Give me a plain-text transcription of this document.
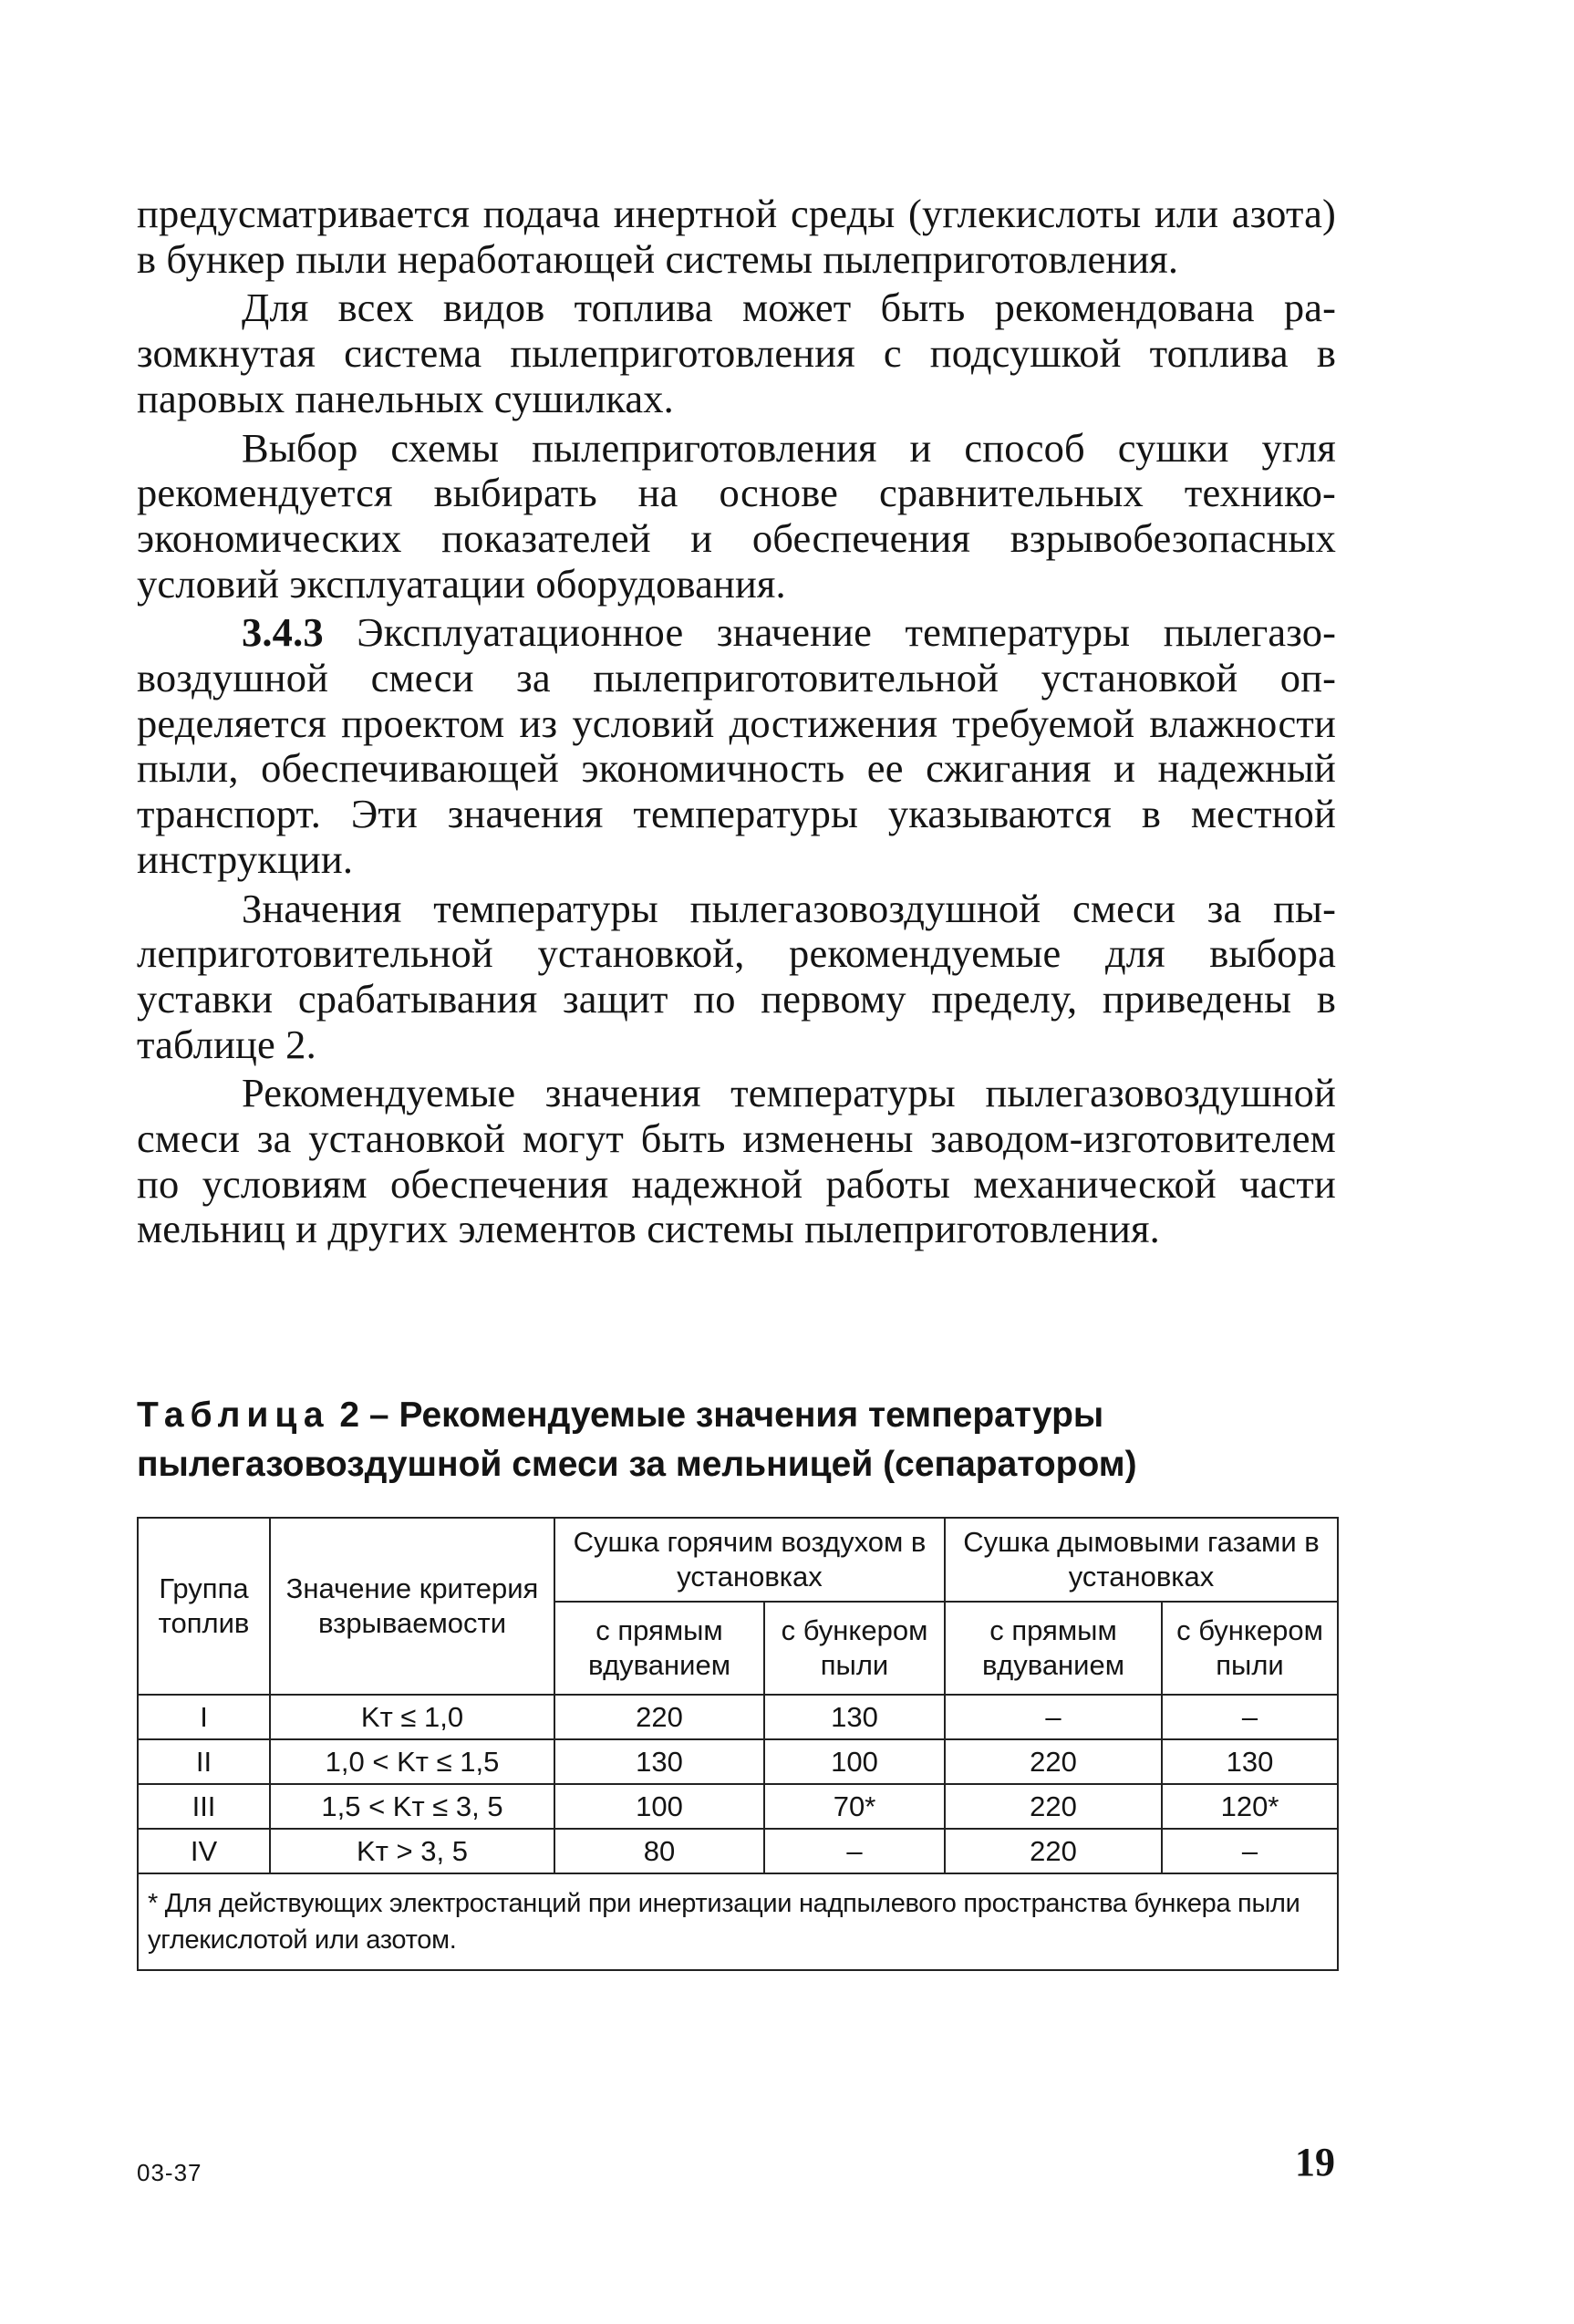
предусматривается подача инертной среды (углекислоты или азота) в бункер пыли неработающей системы пылеприготовления.

Для всех видов топлива может быть рекомендована разомкнутая система пылеприготовления с подсушкой топлива в паровых панельных сушилках.

Выбор схемы пылеприготовления и способ сушки угля рекомендуется выбирать на основе сравнительных технико-экономических показателей и обеспечения взрывобезопасных условий эксплуатации оборудования.

3.4.3 Эксплуатационное значение температуры пылегазовоздушной смеси за пылеприготовительной установкой определяется проектом из условий достижения требуемой влажности пыли, обеспечивающей экономичность ее сжигания и надежный транспорт. Эти значения температуры указываются в местной инструкции.

Значения температуры пылегазовоздушной смеси за пылеприготовительной установкой, рекомендуемые для выбора уставки срабатывания защит по первому пределу, приведены в таблице 2.

Рекомендуемые значения температуры пылегазовоздушной смеси за установкой могут быть изменены заводом-изготовителем по условиям обеспечения надежной работы механической части мельниц и других элементов системы пылеприготовления.

Таблица 2 – Рекомендуемые значения температуры пылегазовоздушной смеси за мельницей (сепаратором)
Группа топлив	Значение критерия взрываемости	Сушка горячим воздухом в установках		Сушка дымовыми газами в установках	
		с прямым вдуванием	с бункером пыли	с прямым вдуванием	с бункером пыли
I	Kт ≤ 1,0	220	130	–	–
II	1,0 < Kт ≤ 1,5	130	100	220	130
III	1,5 < Kт ≤ 3, 5	100	70*	220	120*
IV	Kт > 3, 5	80	–	220	–
* Для действующих электростанций при инертизации надпылевого пространства бункера пыли углекислотой или азотом.					
03-37	19
